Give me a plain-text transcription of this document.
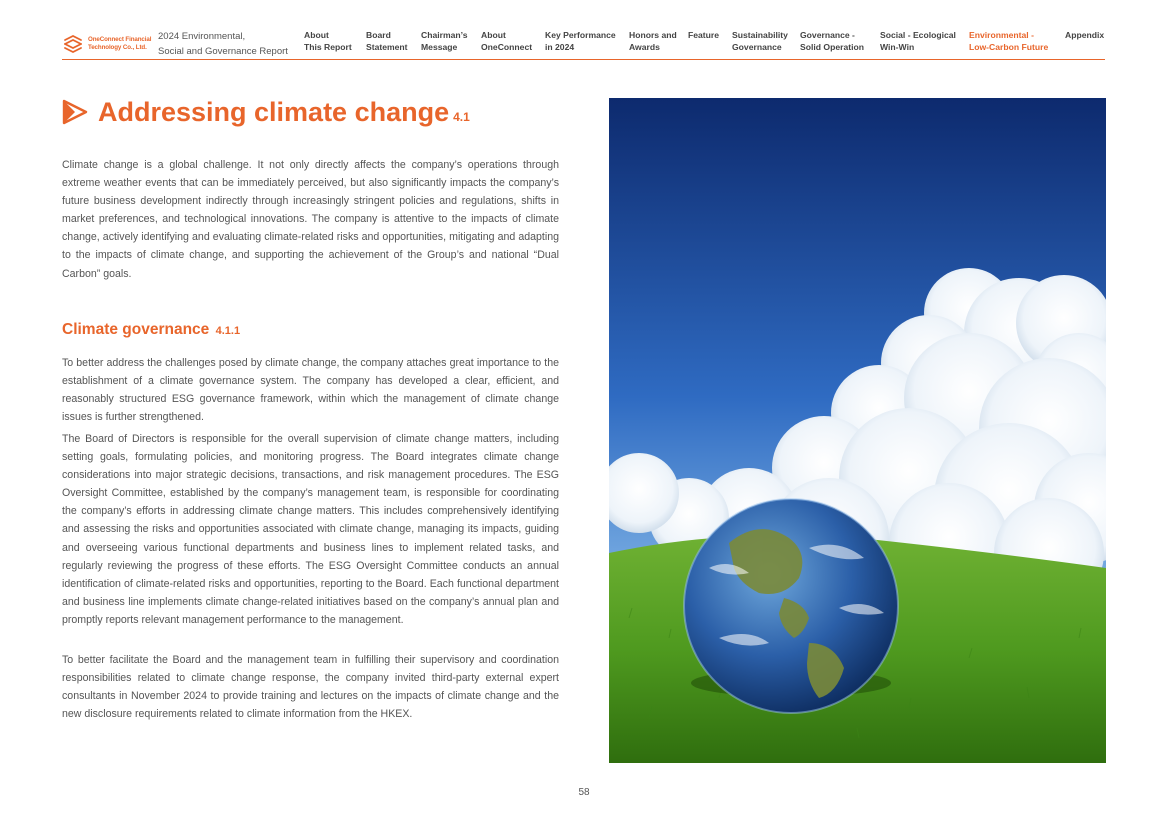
OneConnect Financial
Technology Co., Ltd.
2024 Environmental,
Social and Governance Report
About
This Report
Board
Statement
Chairman’s
Message
About
OneConnect
Key Performance
in 2024
Honors and
Awards
Feature Sustainability
Governance
Governance -
Solid Operation
Social - Ecological
Win-Win
Environmental -
Low-Carbon Future
Appendix
Addressing climate change 4.1

Climate change is a global challenge. It not only directly affects the company’s operations through extreme weather events that can be immediately perceived, but also significantly impacts the company’s future business development indirectly through increasingly stringent policies and regulations, shifts in market preferences, and technological innovations. The company is attentive to the impacts of climate change, actively identifying and evaluating climate-related risks and opportunities, mitigating and adapting to the impacts of climate change, and supporting the achievement of the Group’s and national “Dual Carbon” goals.

Climate governance 4.1.1

To better address the challenges posed by climate change, the company attaches great importance to the establishment of a climate governance system. The company has developed a clear, efficient, and reasonably structured ESG governance framework, within which the management of climate change issues is further strengthened.

The Board of Directors is responsible for the overall supervision of climate change matters, including setting goals, formulating policies, and monitoring progress. The Board integrates climate change considerations into major strategic decisions, transactions, and risk management procedures. The ESG Oversight Committee, established by the company’s management team, is responsible for coordinating the company’s efforts in addressing climate change matters. This includes comprehensively identifying and assessing the risks and opportunities associated with climate change, managing its impacts, guiding and overseeing various functional departments and business lines to implement related tasks, and regularly reviewing the progress of these efforts. The ESG Oversight Committee conducts an annual identification of climate-related risks and opportunities, reporting to the Board. Each functional department and business line implements climate change-related initiatives based on the company’s annual plan and promptly reports relevant management performance to the management.

To better facilitate the Board and the management team in fulfilling their supervisory and coordination responsibilities related to climate change response, the company invited third-party external expert consultants in November 2024 to provide training and lectures on the impacts of climate change and the new disclosure requirements related to climate information from the HKEX.

58
